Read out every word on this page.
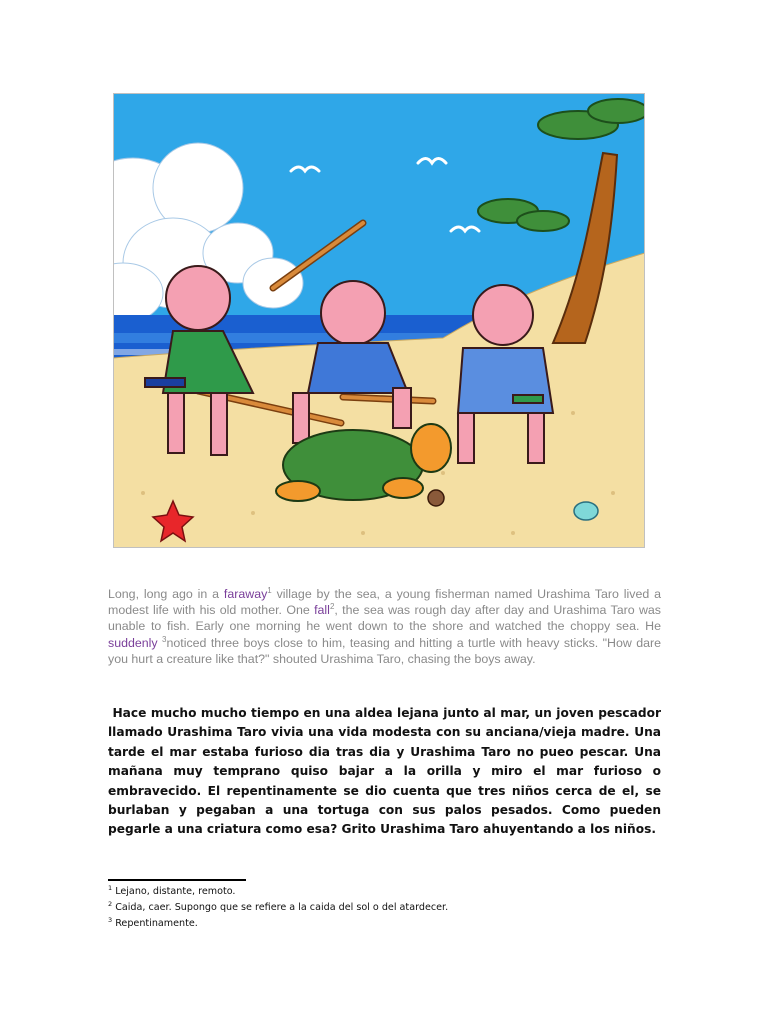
Long, long ago in a faraway$^1$ village by the sea, a young fisherman named Urashima Taro lived a modest life with his old mother. One fall$^2$, the sea was rough day after day and Urashima Taro was unable to fish. Early one morning he went down to the shore and watched the choppy sea. He suddenly $^3$noticed three boys close to him, teasing and hitting a turtle with heavy sticks. "How dare you hurt a creature like that?" shouted Urashima Taro, chasing the boys away.

Hace mucho mucho tiempo en una aldea lejana junto al mar, un joven pescador llamado Urashima Taro vivia una vida modesta con su anciana/vieja madre. Una tarde el mar estaba furioso dia tras dia y Urashima Taro no pueo pescar. Una mañana muy temprano quiso bajar a la orilla y miro el mar furioso o embravecido. El repentinamente se dio cuenta que tres niños cerca de el, se burlaban y pegaban a una tortuga con sus palos pesados. Como pueden pegarle a una criatura como esa? Grito Urashima Taro ahuyentando a los niños.

$^1$ Lejano, distante, remoto.
$^2$ Caida, caer. Supongo que se refiere a la caida del sol o del atardecer.
$^3$ Repentinamente.
